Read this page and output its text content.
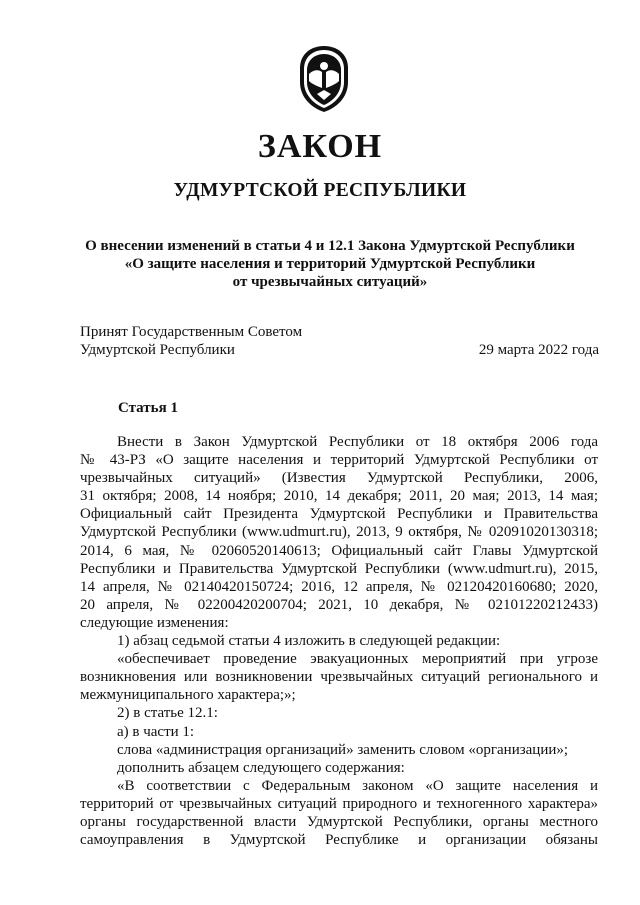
ЗАКОН
УДМУРТСКОЙ РЕСПУБЛИКИ
О внесении изменений в статьи 4 и 12.1 Закона Удмуртской Республики
«О защите населения и территорий Удмуртской Республики
от чрезвычайных ситуаций»
Принят Государственным Советом
Удмуртской Республики	29 марта 2022 года
Статья 1
Внести в Закон Удмуртской Республики от 18 октября 2006 года
№ 43-РЗ «О защите населения и территорий Удмуртской Республики от
чрезвычайных ситуаций» (Известия Удмуртской Республики, 2006,
31 октября; 2008, 14 ноября; 2010, 14 декабря; 2011, 20 мая; 2013, 14 мая;
Официальный сайт Президента Удмуртской Республики и Правительства
Удмуртской Республики (www.udmurt.ru), 2013, 9 октября, № 02091020130318;
2014, 6 мая, № 02060520140613; Официальный сайт Главы Удмуртской
Республики и Правительства Удмуртской Республики (www.udmurt.ru), 2015,
14 апреля, № 02140420150724; 2016, 12 апреля, № 02120420160680; 2020,
20 апреля, № 02200420200704; 2021, 10 декабря, № 02101220212433)
следующие изменения:
1) абзац седьмой статьи 4 изложить в следующей редакции:
«обеспечивает проведение эвакуационных мероприятий при угрозе
возникновения или возникновении чрезвычайных ситуаций регионального и
межмуниципального характера;»;
2) в статье 12.1:
а) в части 1:
слова «администрация организаций» заменить словом «организации»;
дополнить абзацем следующего содержания:
«В соответствии с Федеральным законом «О защите населения и
территорий от чрезвычайных ситуаций природного и техногенного характера»
органы государственной власти Удмуртской Республики, органы местного
самоуправления в Удмуртской Республике и организации обязаны
